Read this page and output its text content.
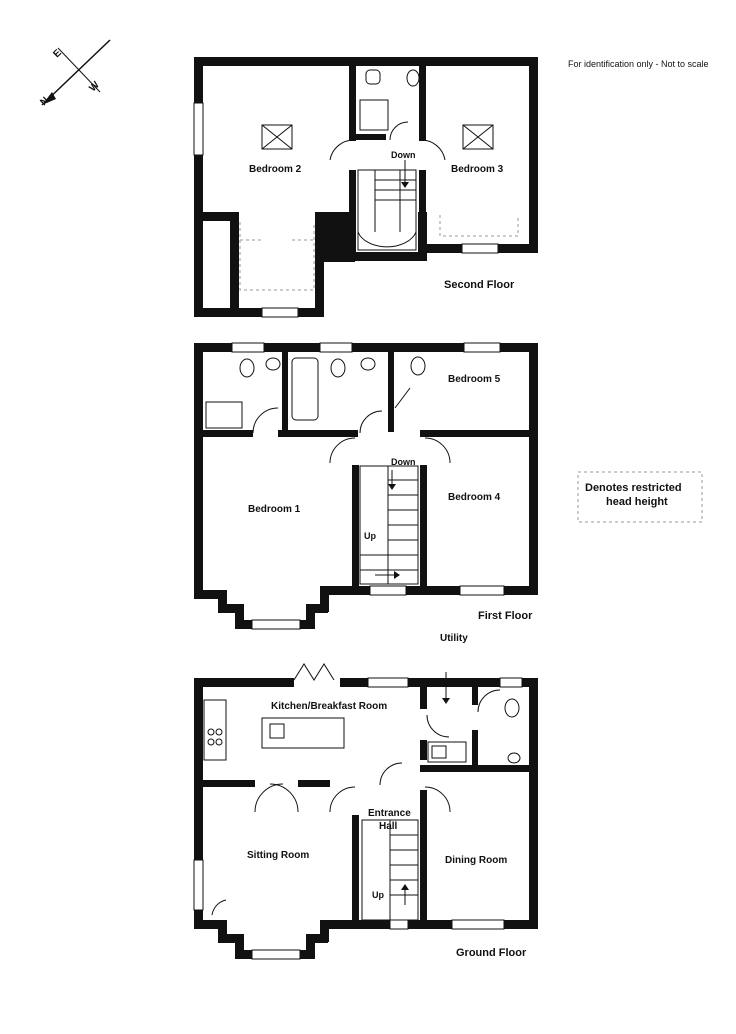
N
E
W
For identification only - Not to scale
Bedroom 2	Bedroom 3
Down
Second Floor
Bedroom 1
Bedroom 4
Bedroom 5
Down
Up
First Floor
Utility
Kitchen/Breakfast Room
Entrance
Hall
Sitting Room	Dining Room
Up
Ground Floor
Denotes restricted
head height
